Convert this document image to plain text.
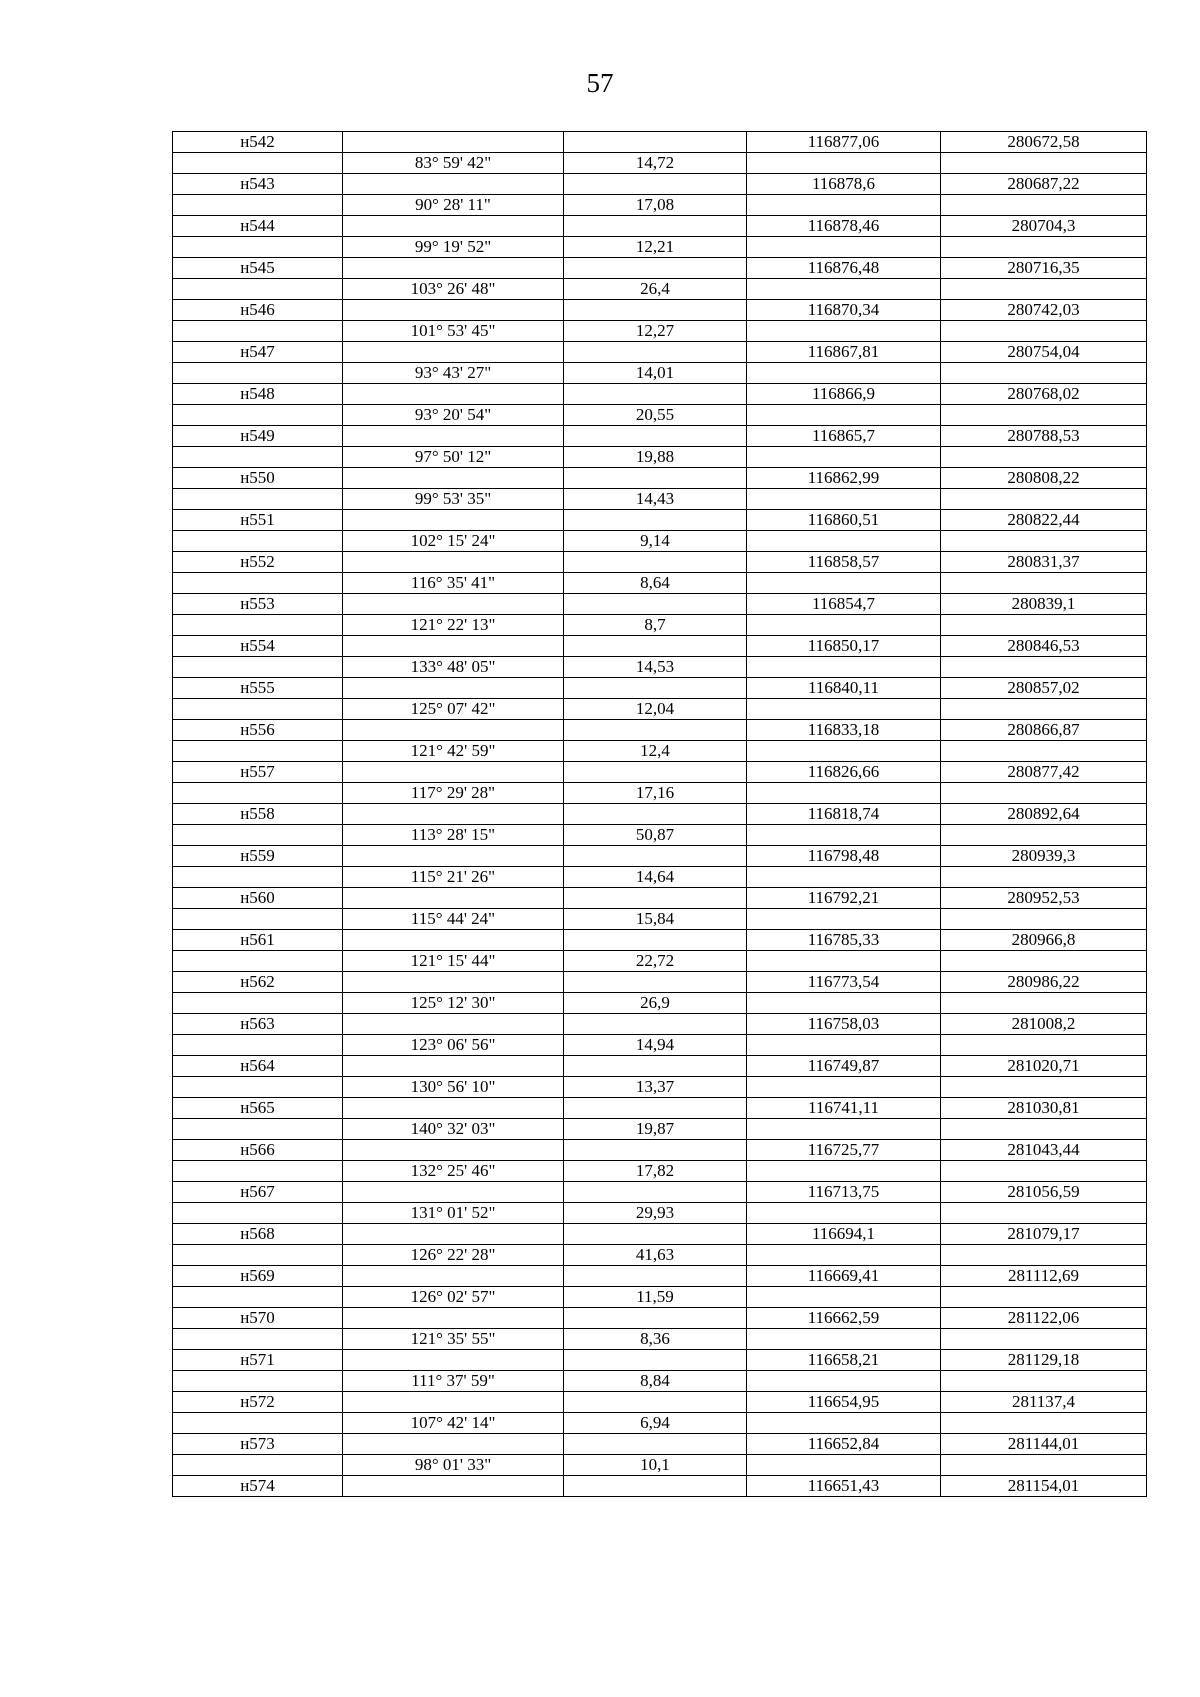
57
н542			116877,06	280672,58
	83° 59' 42"	14,72		
н543			116878,6	280687,22
	90° 28' 11"	17,08		
н544			116878,46	280704,3
	99° 19' 52"	12,21		
н545			116876,48	280716,35
	103° 26' 48"	26,4		
н546			116870,34	280742,03
	101° 53' 45"	12,27		
н547			116867,81	280754,04
	93° 43' 27"	14,01		
н548			116866,9	280768,02
	93° 20' 54"	20,55		
н549			116865,7	280788,53
	97° 50' 12"	19,88		
н550			116862,99	280808,22
	99° 53' 35"	14,43		
н551			116860,51	280822,44
	102° 15' 24"	9,14		
н552			116858,57	280831,37
	116° 35' 41"	8,64		
н553			116854,7	280839,1
	121° 22' 13"	8,7		
н554			116850,17	280846,53
	133° 48' 05"	14,53		
н555			116840,11	280857,02
	125° 07' 42"	12,04		
н556			116833,18	280866,87
	121° 42' 59"	12,4		
н557			116826,66	280877,42
	117° 29' 28"	17,16		
н558			116818,74	280892,64
	113° 28' 15"	50,87		
н559			116798,48	280939,3
	115° 21' 26"	14,64		
н560			116792,21	280952,53
	115° 44' 24"	15,84		
н561			116785,33	280966,8
	121° 15' 44"	22,72		
н562			116773,54	280986,22
	125° 12' 30"	26,9		
н563			116758,03	281008,2
	123° 06' 56"	14,94		
н564			116749,87	281020,71
	130° 56' 10"	13,37		
н565			116741,11	281030,81
	140° 32' 03"	19,87		
н566			116725,77	281043,44
	132° 25' 46"	17,82		
н567			116713,75	281056,59
	131° 01' 52"	29,93		
н568			116694,1	281079,17
	126° 22' 28"	41,63		
н569			116669,41	281112,69
	126° 02' 57"	11,59		
н570			116662,59	281122,06
	121° 35' 55"	8,36		
н571			116658,21	281129,18
	111° 37' 59"	8,84		
н572			116654,95	281137,4
	107° 42' 14"	6,94		
н573			116652,84	281144,01
	98° 01' 33"	10,1		
н574			116651,43	281154,01
